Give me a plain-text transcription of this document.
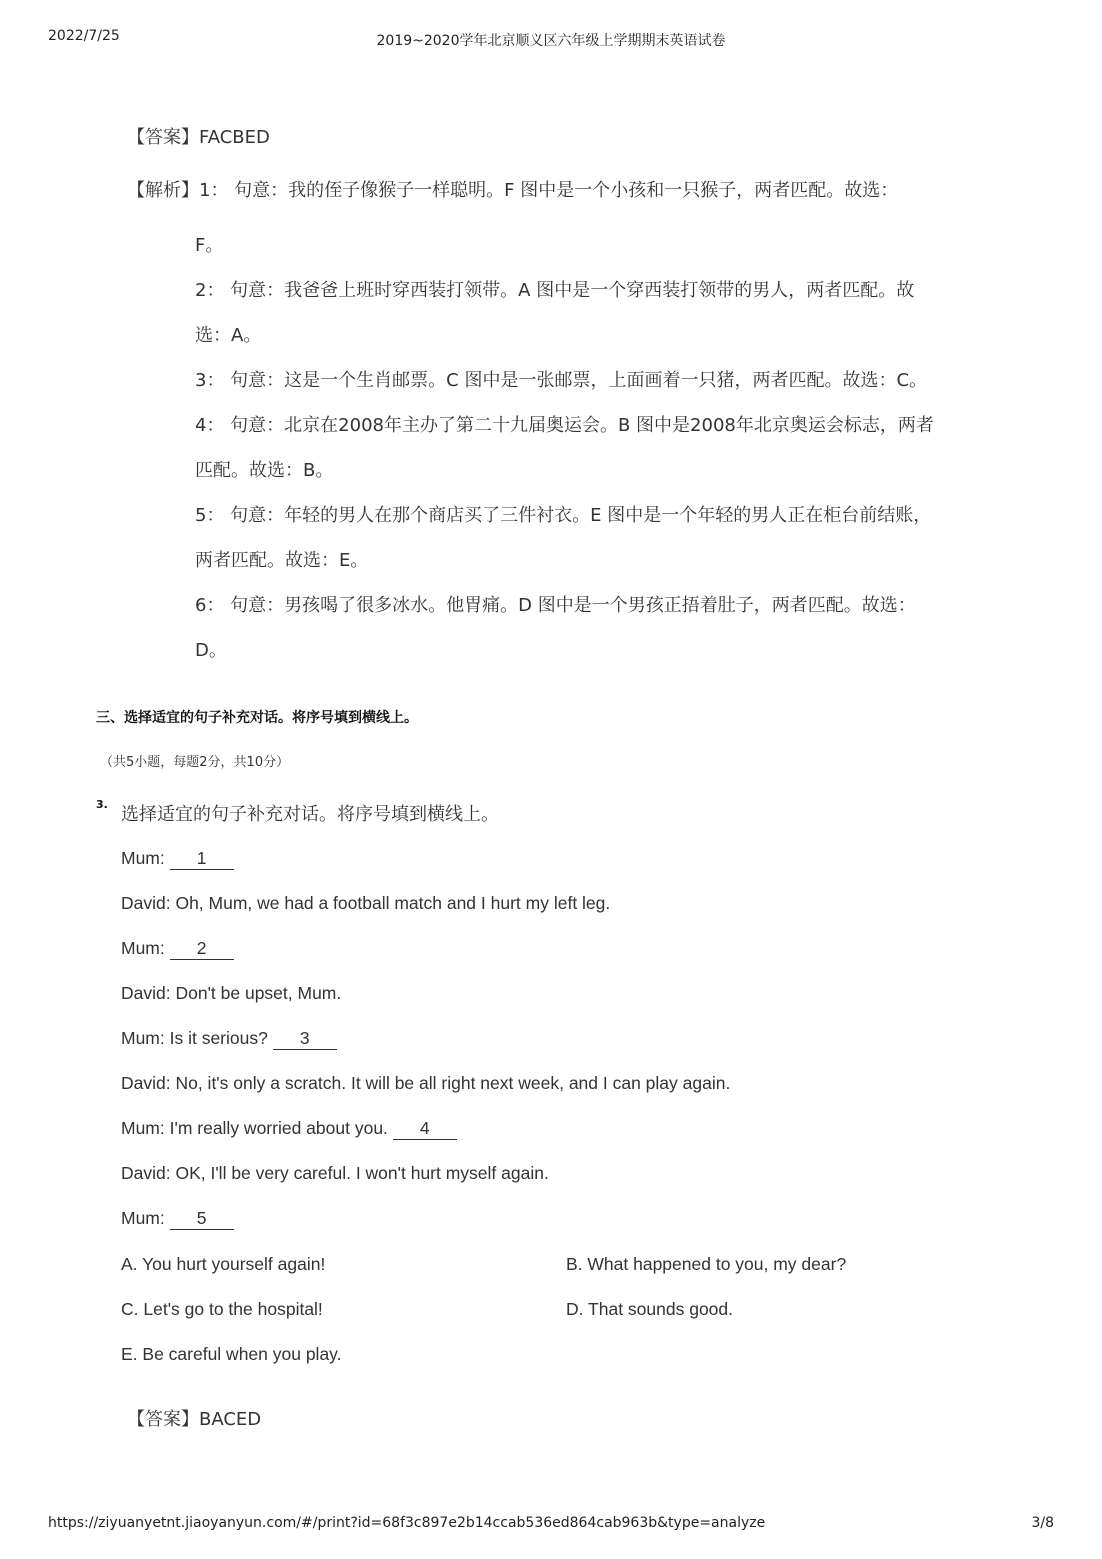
2022/7/25	2019~2020学年北京顺义区六年级上学期期末英语试卷
【答案】FACBED
【解析】1： 句意：我的侄子像猴子一样聪明。F 图中是一个小孩和一只猴子，两者匹配。故选：
F。
2： 句意：我爸爸上班时穿西装打领带。A 图中是一个穿西装打领带的男人，两者匹配。故
选：A。
3： 句意：这是一个生肖邮票。C 图中是一张邮票，上面画着一只猪，两者匹配。故选：C。
4： 句意：北京在2008年主办了第二十九届奥运会。B 图中是2008年北京奥运会标志，两者
匹配。故选：B。
5： 句意：年轻的男人在那个商店买了三件衬衣。E 图中是一个年轻的男人正在柜台前结账，
两者匹配。故选：E。
6： 句意：男孩喝了很多冰水。他胃痛。D 图中是一个男孩正捂着肚子，两者匹配。故选：
D。
三、选择适宜的句子补充对话。将序号填到横线上。
（共5小题，每题2分，共10分）
3. 选择适宜的句子补充对话。将序号填到横线上。
Mum: 1
David: Oh, Mum, we had a football match and I hurt my left leg.
Mum: 2
David: Don't be upset, Mum.
Mum: Is it serious? 3
David: No, it's only a scratch. It will be all right next week, and I can play again.
Mum: I'm really worried about you. 4
David: OK, I'll be very careful. I won't hurt myself again.
Mum: 5
A. You hurt yourself again!	B. What happened to you, my dear?
C. Let's go to the hospital!	D. That sounds good.
E. Be careful when you play.
【答案】BACED
https://ziyuanyetnt.jiaoyanyun.com/#/print?id=68f3c897e2b14ccab536ed864cab963b&type=analyze	3/8
